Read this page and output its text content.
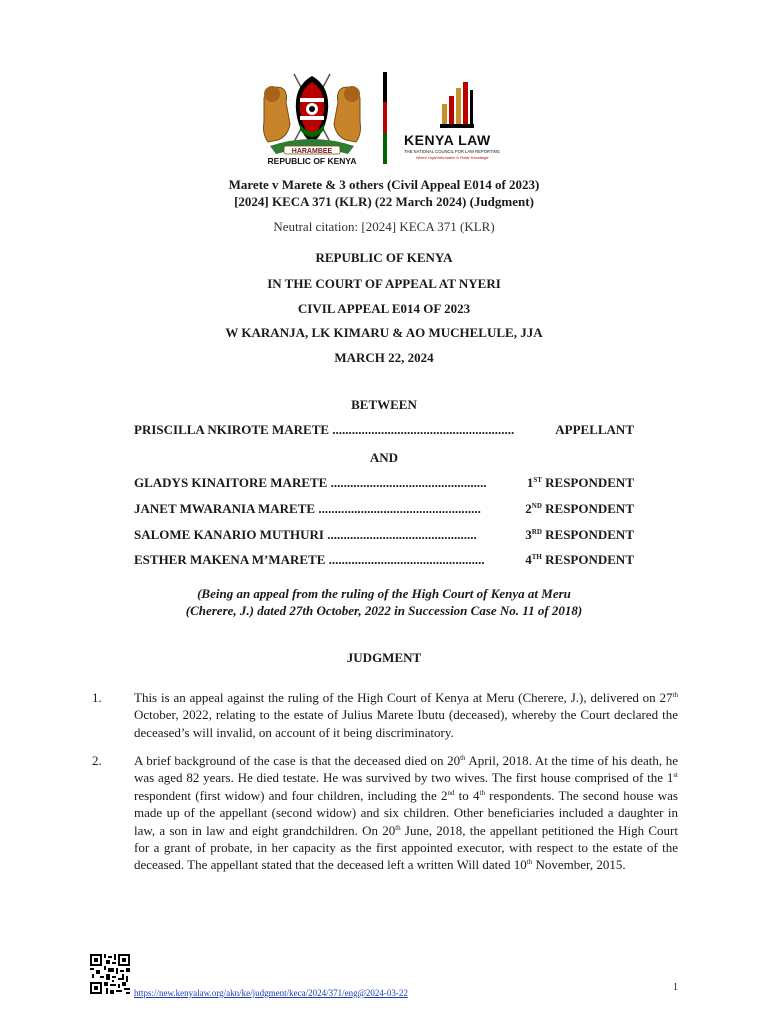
HARAMBEE
REPUBLIC OF KENYA
KENYA LAW
THE NATIONAL COUNCIL FOR LAW REPORTING
Where Legal Information is Public Knowledge
Marete v Marete & 3 others (Civil Appeal E014 of 2023)
[2024] KECA 371 (KLR) (22 March 2024) (Judgment)
Neutral citation: [2024] KECA 371 (KLR)
REPUBLIC OF KENYA
IN THE COURT OF APPEAL AT NYERI
CIVIL APPEAL E014 OF 2023
W KARANJA, LK KIMARU & AO MUCHELULE, JJA
MARCH 22, 2024
BETWEEN
PRISCILLA NKIROTE MARETE ........................................................	APPELLANT
AND
GLADYS KINAITORE MARETE ................................................	1ST RESPONDENT
JANET MWARANIA MARETE ..................................................	2ND RESPONDENT
SALOME KANARIO MUTHURI ..............................................	3RD RESPONDENT
ESTHER MAKENA M’MARETE ................................................	4TH RESPONDENT
(Being an appeal from the ruling of the High Court of Kenya at Meru
(Cherere, J.) dated 27th October, 2022 in Succession Case No. 11 of 2018)
JUDGMENT
1. This is an appeal against the ruling of the High Court of Kenya at Meru (Cherere, J.), delivered on 27th October, 2022, relating to the estate of Julius Marete Ibutu (deceased), whereby the Court declared the deceased’s will invalid, on account of it being discriminatory.
2. A brief background of the case is that the deceased died on 20th April, 2018. At the time of his death, he was aged 82 years. He died testate. He was survived by two wives. The first house comprised of the 1st respondent (first widow) and four children, including the 2nd to 4th respondents. The second house was made up of the appellant (second widow) and six children. Other beneficiaries included a daughter in law, a son in law and eight grandchildren. On 20th June, 2018, the appellant petitioned the High Court for a grant of probate, in her capacity as the first appointed executor, with respect to the estate of the deceased. The appellant stated that the deceased left a written Will dated 10th November, 2015.
https://new.kenyalaw.org/akn/ke/judgment/keca/2024/371/eng@2024-03-22	1
